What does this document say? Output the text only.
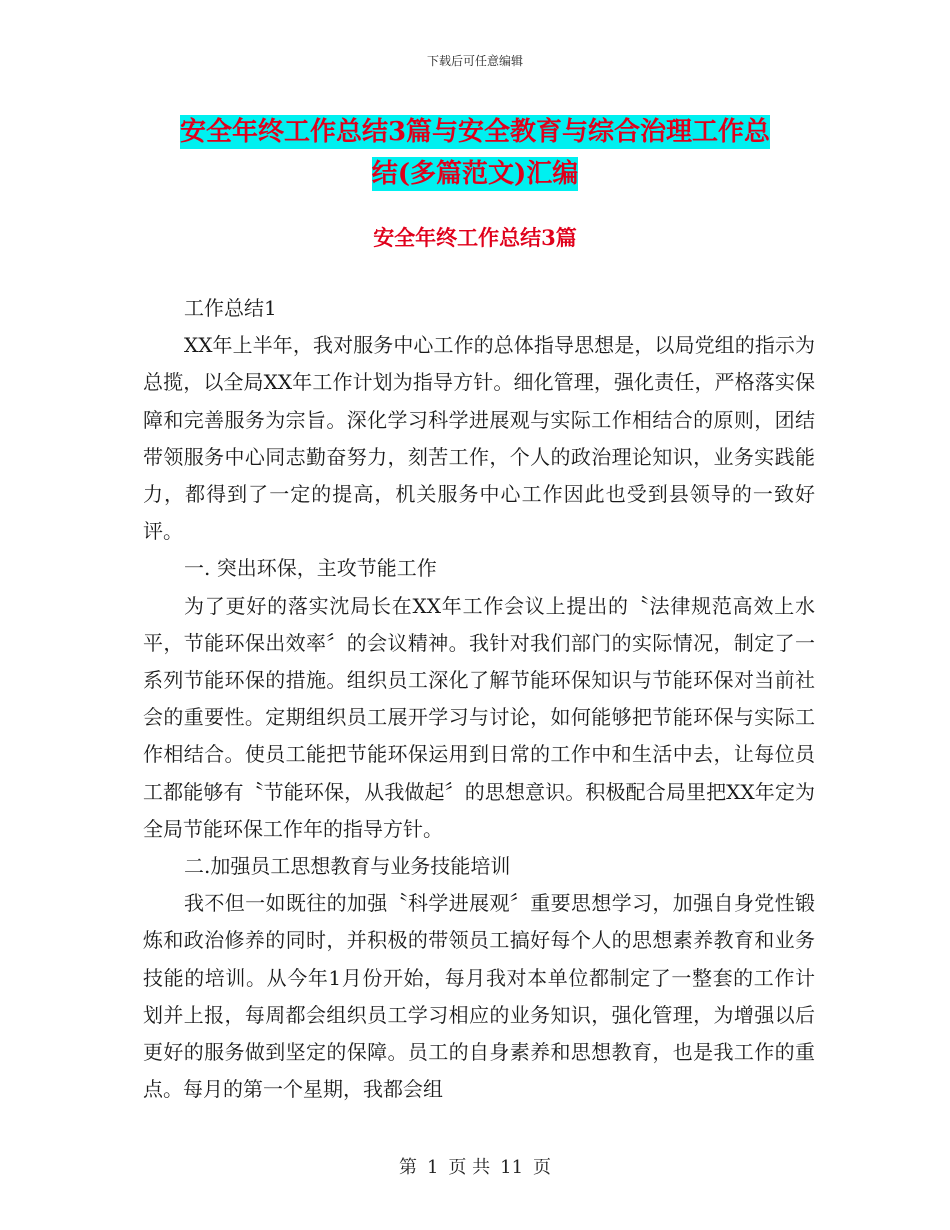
下载后可任意编辑
安全年终工作总结3篇与安全教育与综合治理工作总
结(多篇范文)汇编
安全年终工作总结3篇

工作总结1

XX年上半年，我对服务中心工作的总体指导思想是，以局党组的指示为总揽，以全局XX年工作计划为指导方针。细化管理，强化责任，严格落实保障和完善服务为宗旨。深化学习科学进展观与实际工作相结合的原则，团结带领服务中心同志勤奋努力，刻苦工作，个人的政治理论知识，业务实践能力，都得到了一定的提高，机关服务中心工作因此也受到县领导的一致好评。

一. 突出环保，主攻节能工作

为了更好的落实沈局长在XX年工作会议上提出的〝法律规范高效上水平，节能环保出效率〞的会议精神。我针对我们部门的实际情况，制定了一系列节能环保的措施。组织员工深化了解节能环保知识与节能环保对当前社会的重要性。定期组织员工展开学习与讨论，如何能够把节能环保与实际工作相结合。使员工能把节能环保运用到日常的工作中和生活中去，让每位员工都能够有〝节能环保，从我做起〞的思想意识。积极配合局里把XX年定为全局节能环保工作年的指导方针。

二.加强员工思想教育与业务技能培训

我不但一如既往的加强〝科学进展观〞重要思想学习，加强自身党性锻炼和政治修养的同时，并积极的带领员工搞好每个人的思想素养教育和业务技能的培训。从今年1月份开始，每月我对本单位都制定了一整套的工作计划并上报，每周都会组织员工学习相应的业务知识，强化管理，为增强以后更好的服务做到坚定的保障。员工的自身素养和思想教育，也是我工作的重点。每月的第一个星期，我都会组

第 1 页 共 11 页
